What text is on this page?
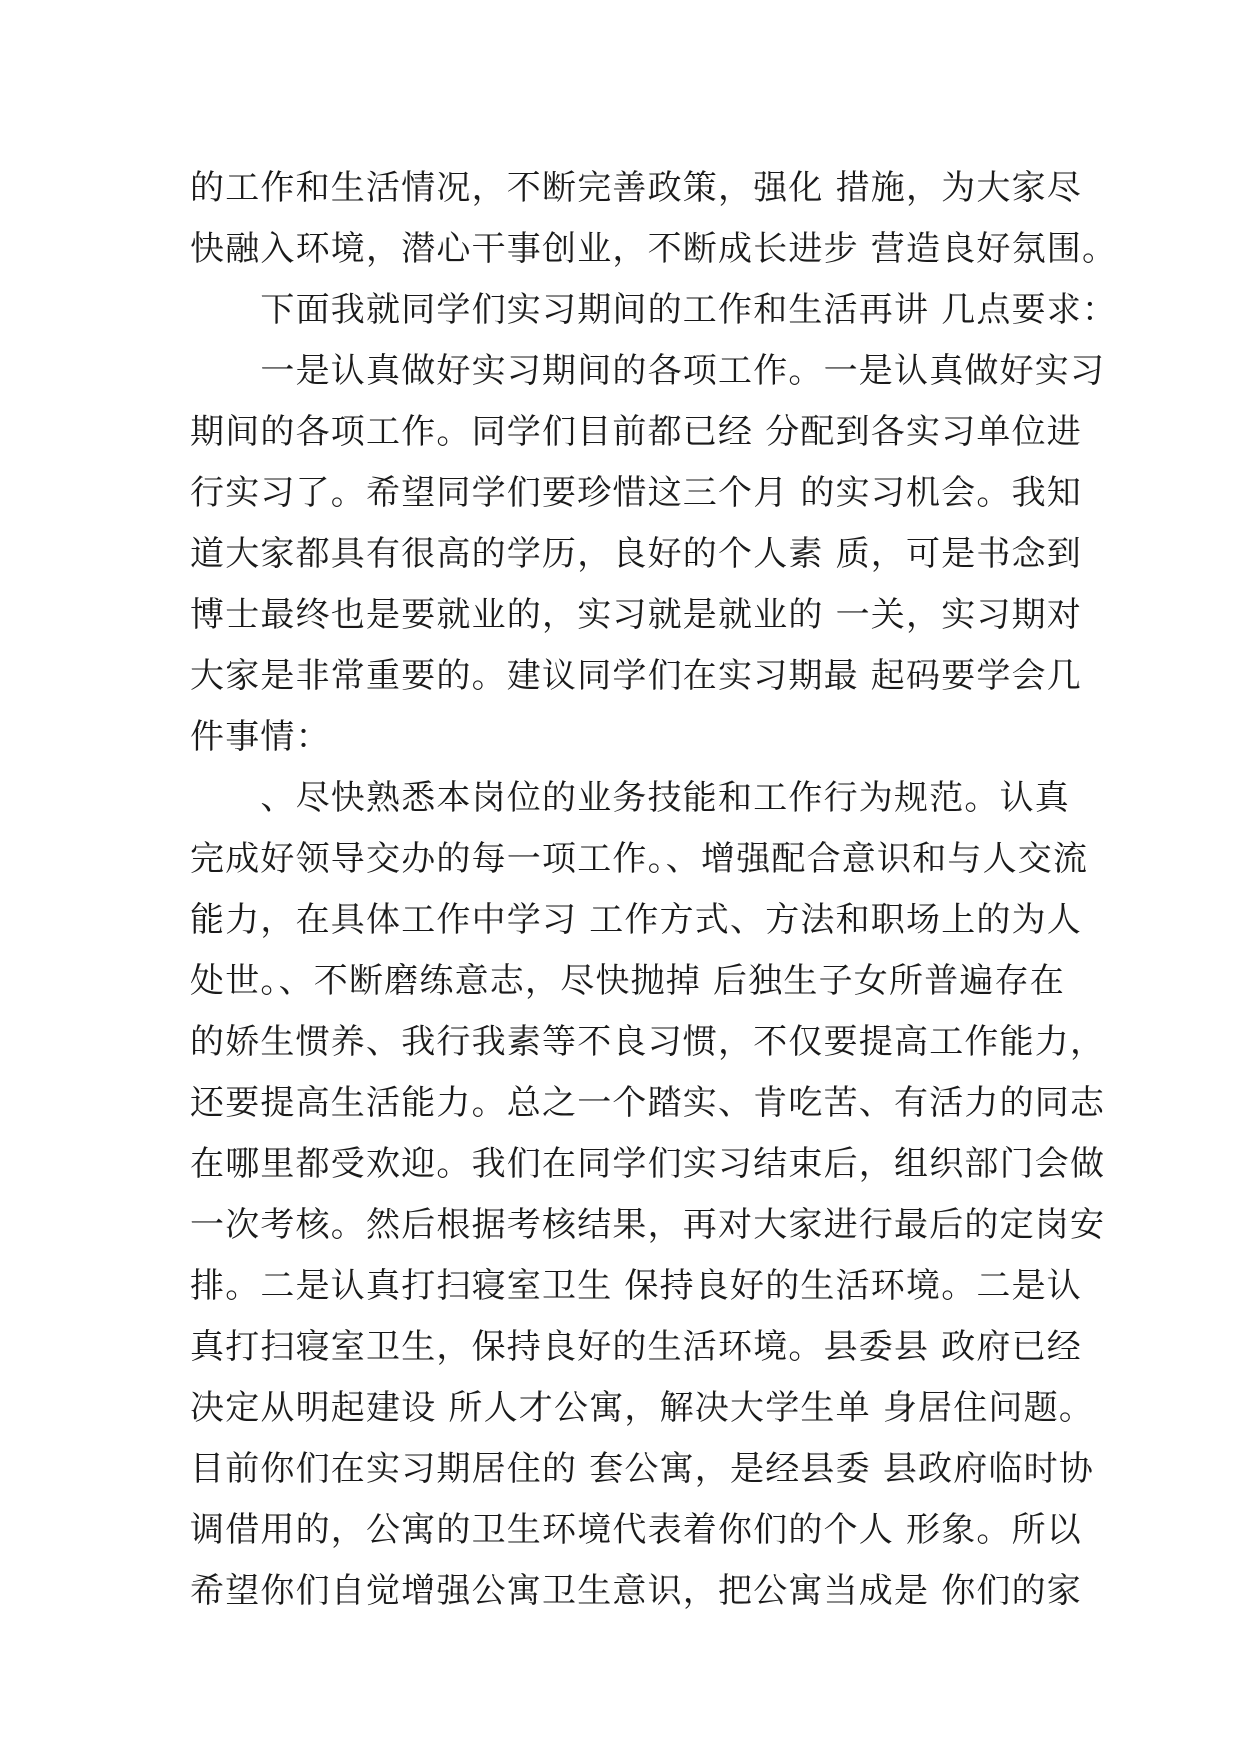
的工作和生活情况，不断完善政策，强化 措施，为大家尽
快融入环境，潜心干事创业，不断成长进步 营造良好氛围。
　　下面我就同学们实习期间的工作和生活再讲 几点要求：
　　一是认真做好实习期间的各项工作。一是认真做好实习
期间的各项工作。同学们目前都已经 分配到各实习单位进
行实习了。希望同学们要珍惜这三个月 的实习机会。我知
道大家都具有很高的学历，良好的个人素 质，可是书念到
博士最终也是要就业的，实习就是就业的 一关，实习期对
大家是非常重要的。建议同学们在实习期最 起码要学会几
件事情：
　　、尽快熟悉本岗位的业务技能和工作行为规范。认真
完成好领导交办的每一项工作。、增强配合意识和与人交流
能力，在具体工作中学习 工作方式、方法和职场上的为人
处世。、不断磨练意志，尽快抛掉 后独生子女所普遍存在
的娇生惯养、我行我素等不良习惯，不仅要提高工作能力，
还要提高生活能力。总之一个踏实、肯吃苦、有活力的同志
在哪里都受欢迎。我们在同学们实习结束后，组织部门会做
一次考核。然后根据考核结果，再对大家进行最后的定岗安
排。二是认真打扫寝室卫生 保持良好的生活环境。二是认
真打扫寝室卫生，保持良好的生活环境。县委县 政府已经
决定从明起建设 所人才公寓，解决大学生单 身居住问题。
目前你们在实习期居住的 套公寓，是经县委 县政府临时协
调借用的，公寓的卫生环境代表着你们的个人 形象。所以
希望你们自觉增强公寓卫生意识，把公寓当成是 你们的家
